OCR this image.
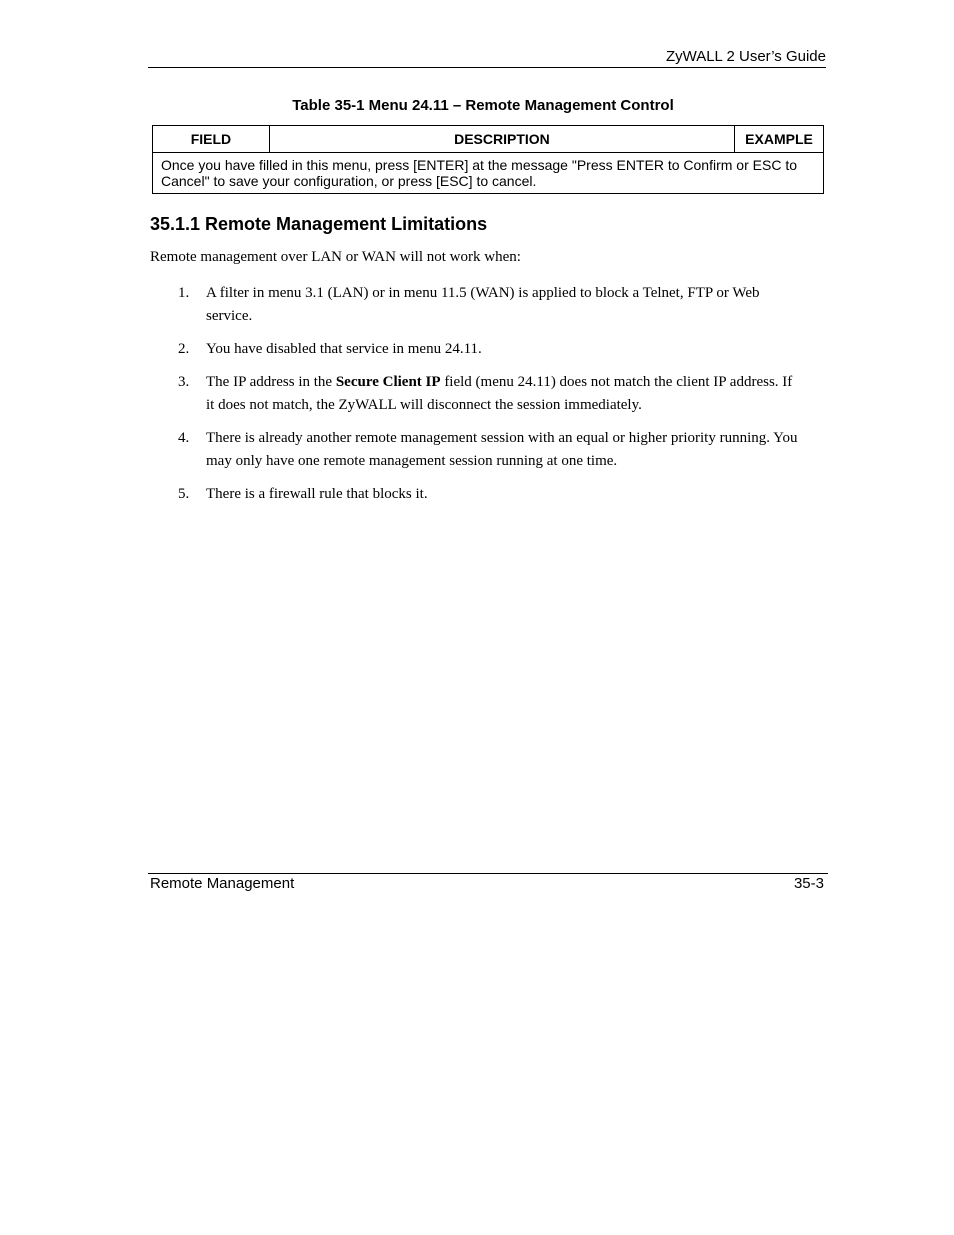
ZyWALL 2 User’s Guide
Table 35-1 Menu 24.11 – Remote Management Control
FIELD	DESCRIPTION	EXAMPLE

Once you have filled in this menu, press [ENTER] at the message "Press ENTER to Confirm or ESC to
Cancel" to save your configuration, or press [ESC] to cancel.
35.1.1 Remote Management Limitations
Remote management over LAN or WAN will not work when:
1. A filter in menu 3.1 (LAN) or in menu 11.5 (WAN) is applied to block a Telnet, FTP or Web
service.
2. You have disabled that service in menu 24.11.
3. The IP address in the Secure Client IP field (menu 24.11) does not match the client IP address. If
it does not match, the ZyWALL will disconnect the session immediately.
4. There is already another remote management session with an equal or higher priority running. You
may only have one remote management session running at one time.
5. There is a firewall rule that blocks it.
Remote Management	35-3
